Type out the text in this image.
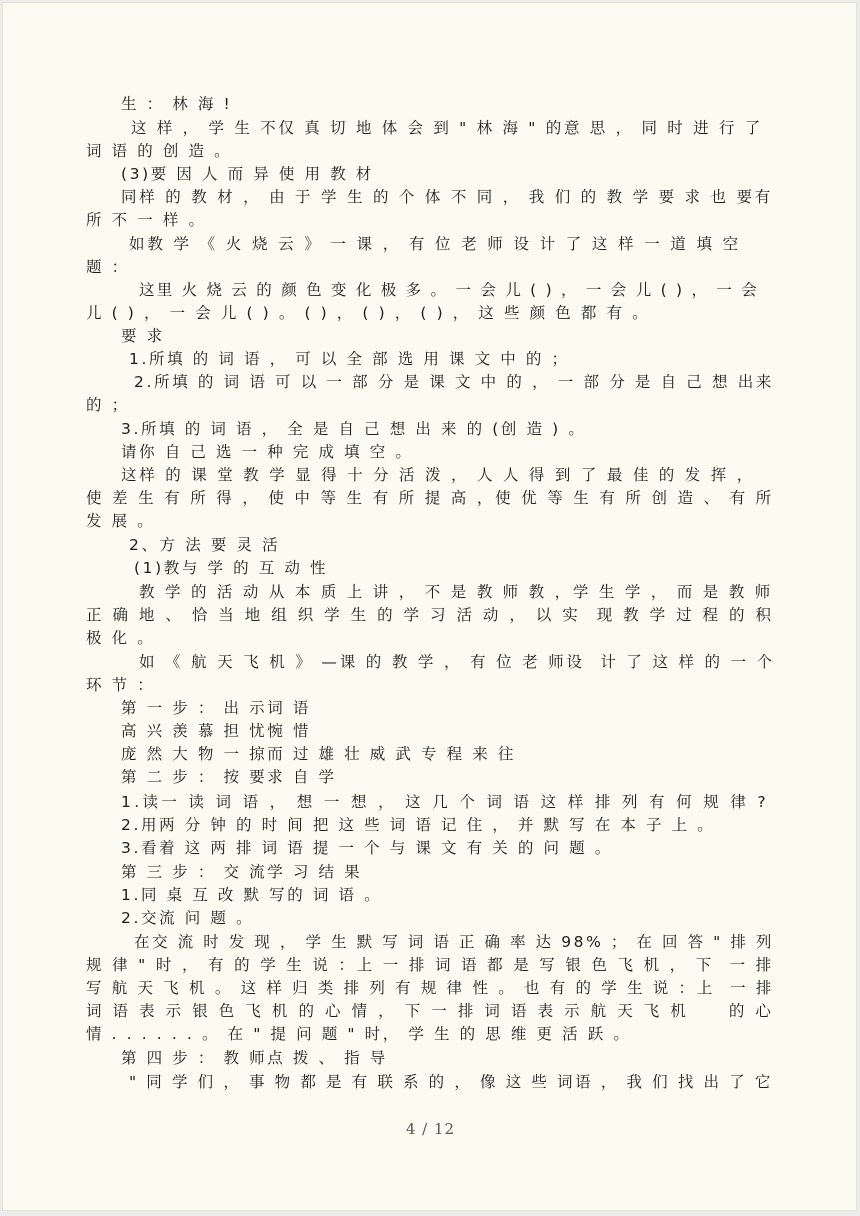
生 ： 林 海 !

这 样 ， 学 生 不仅 真 切 地 体 会 到 " 林 海 " 的意 思 ， 同 时 进 行 了

词 语 的 创 造 。

(3)要 因 人 而 异 使 用 教 材

同样 的 教 材 ， 由 于 学 生 的 个 体 不 同 ， 我 们 的 教 学 要 求 也 要有

所 不 一 样 。

如教 学 《 火 烧 云 》 一 课 ， 有 位 老 师 设 计 了 这 样 一 道 填 空

题 ：

这里 火 烧 云 的 颜 色 变 化 极 多 。 一 会 儿 ( ) ， 一 会 儿 ( ) ， 一 会

儿 ( ) ， 一 会 儿 ( ) 。 ( ) ， ( ) ， ( ) ， 这 些 颜 色 都 有 。

要 求

1.所填 的 词 语 ， 可 以 全 部 选 用 课 文 中 的 ；

2.所填 的 词 语 可 以 一 部 分 是 课 文 中 的 ， 一 部 分 是 自 己 想 出来

的 ；

3.所填 的 词 语 ， 全 是 自 己 想 出 来 的 (创 造 ) 。

请你 自 己 选 一 种 完 成 填 空 。

这样 的 课 堂 教 学 显 得 十 分 活 泼 ， 人 人 得 到 了 最 佳 的 发 挥 ，

使 差 生 有 所 得 ， 使 中 等 生 有 所 提 高 ，使 优 等 生 有 所 创 造 、 有 所

发 展 。

2、方 法 要 灵 活

(1)教与 学 的 互 动 性

教 学 的 活 动 从 本 质 上 讲 ， 不 是 教 师 教 ，学 生 学 ， 而 是 教 师

正 确 地 、 恰 当 地 组 织 学 生 的 学 习 活 动 ， 以 实  现 教 学 过 程 的 积

极 化 。

如 《 航 天 飞 机 》 —课 的 教 学 ， 有 位 老 师设  计 了 这 样 的 一 个

环 节 ：

第 一 步 ： 出 示词 语

高 兴 羡 慕 担 忧惋 惜

庞 然 大 物 一 掠而 过 雄 壮 威 武 专 程 来 往

第 二 步 ： 按 要求 自 学

1.读一 读 词 语 ， 想 一 想 ， 这 几 个 词 语 这 样 排 列 有 何 规 律 ?

2.用两 分 钟 的 时 间 把 这 些 词 语 记 住 ， 并 默 写 在 本 子 上 。

3.看着 这 两 排 词 语 提 一 个 与 课 文 有 关 的 问 题 。

第 三 步 ： 交 流学 习 结 果

1.同 桌 互 改 默 写的 词 语 。

2.交流 问 题 。

在交 流 时 发 现 ， 学 生 默 写 词 语 正 确 率 达 98% ； 在 回 答 " 排 列

规 律 " 时 ， 有 的 学 生 说 ：上 一 排 词 语 都 是 写 银 色 飞 机 ， 下  一 排

写 航 天 飞 机 。 这 样 归 类 排 列 有 规 律 性 。 也 有 的 学 生 说 ：上  一 排

词 语 表 示 银 色 飞 机 的 心 情 ， 下 一 排 词 语 表 示 航 天 飞 机     的 心

情 . . . . . . 。 在 " 提 问 题 " 时， 学 生 的 思 维 更 活 跃 。

第 四 步 ： 教 师点 拨 、 指 导

" 同 学 们 ， 事 物 都 是 有 联 系 的 ， 像 这 些 词语 ， 我 们 找 出 了 它

4 / 12
